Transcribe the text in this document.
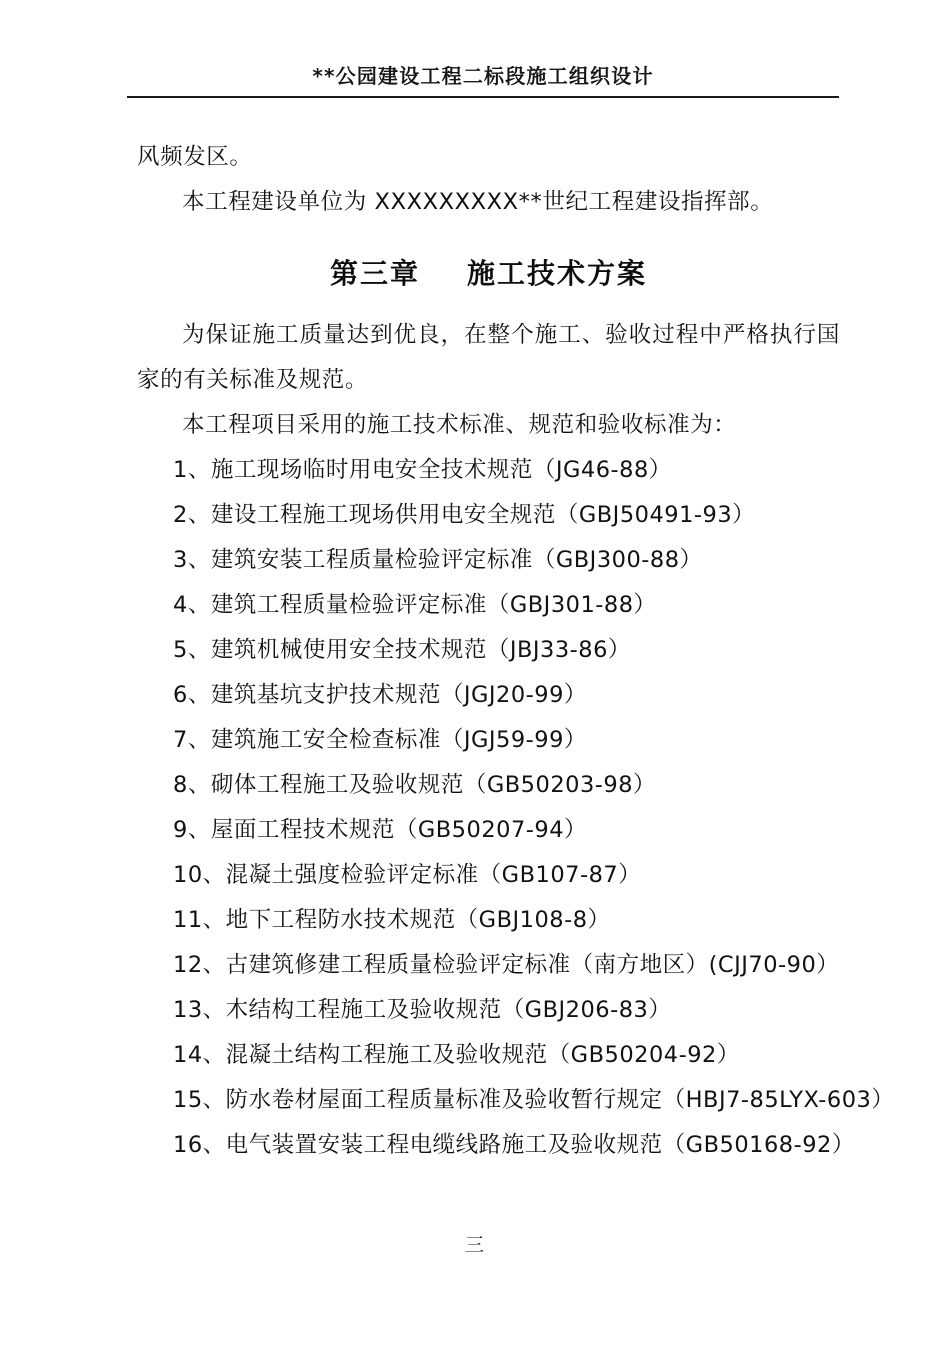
**公园建设工程二标段施工组织设计

风频发区。

本工程建设单位为 XXXXXXXXX**世纪工程建设指挥部。

第三章    施工技术方案

为保证施工质量达到优良，在整个施工、验收过程中严格执行国家的有关标准及规范。

本工程项目采用的施工技术标准、规范和验收标准为：

1、施工现场临时用电安全技术规范（JG46-88）
2、建设工程施工现场供用电安全规范（GBJ50491-93）
3、建筑安装工程质量检验评定标准（GBJ300-88）
4、建筑工程质量检验评定标准（GBJ301-88）
5、建筑机械使用安全技术规范（JBJ33-86）
6、建筑基坑支护技术规范（JGJ20-99）
7、建筑施工安全检查标准（JGJ59-99）
8、砌体工程施工及验收规范（GB50203-98）
9、屋面工程技术规范（GB50207-94）
10、混凝土强度检验评定标准（GB107-87）
11、地下工程防水技术规范（GBJ108-8）
12、古建筑修建工程质量检验评定标准（南方地区）(CJJ70-90）
13、木结构工程施工及验收规范（GBJ206-83）
14、混凝土结构工程施工及验收规范（GB50204-92）
15、防水卷材屋面工程质量标准及验收暂行规定（HBJ7-85LYX-603）
16、电气装置安装工程电缆线路施工及验收规范（GB50168-92）
三
